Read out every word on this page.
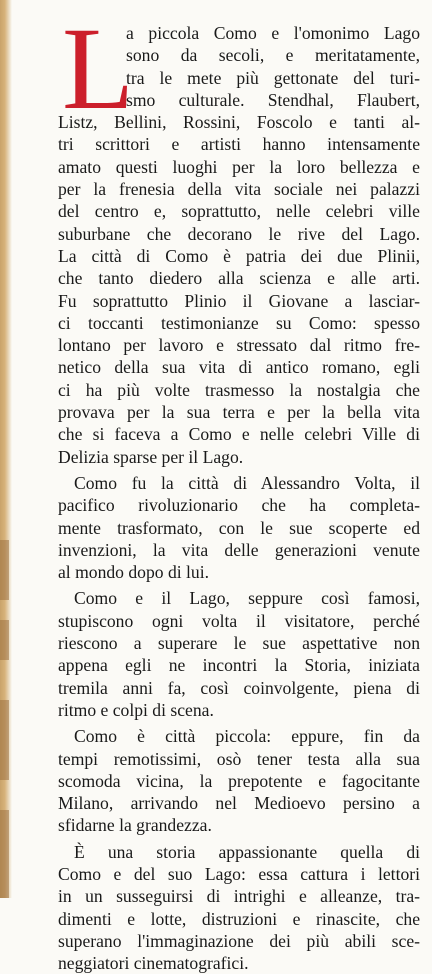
L
a piccola Como e l'omonimo Lago
sono da secoli, e meritatamente,
tra le mete più gettonate del turi-
smo culturale. Stendhal, Flaubert,
Listz, Bellini, Rossini, Foscolo e tanti al-
tri scrittori e artisti hanno intensamente
amato questi luoghi per la loro bellezza e
per la frenesia della vita sociale nei palazzi
del centro e, soprattutto, nelle celebri ville
suburbane che decorano le rive del Lago.
La città di Como è patria dei due Plinii,
che tanto diedero alla scienza e alle arti.
Fu soprattutto Plinio il Giovane a lasciar-
ci toccanti testimonianze su Como: spesso
lontano per lavoro e stressato dal ritmo fre-
netico della sua vita di antico romano, egli
ci ha più volte trasmesso la nostalgia che
provava per la sua terra e per la bella vita
che si faceva a Como e nelle celebri Ville di
Delizia sparse per il Lago.
Como fu la città di Alessandro Volta, il
pacifico rivoluzionario che ha completa-
mente trasformato, con le sue scoperte ed
invenzioni, la vita delle generazioni venute
al mondo dopo di lui.
Como e il Lago, seppure così famosi,
stupiscono ogni volta il visitatore, perché
riescono a superare le sue aspettative non
appena egli ne incontri la Storia, iniziata
tremila anni fa, così coinvolgente, piena di
ritmo e colpi di scena.
Como è città piccola: eppure, fin da
tempi remotissimi, osò tener testa alla sua
scomoda vicina, la prepotente e fagocitante
Milano, arrivando nel Medioevo persino a
sfidarne la grandezza.
È una storia appassionante quella di
Como e del suo Lago: essa cattura i lettori
in un susseguirsi di intrighi e alleanze, tra-
dimenti e lotte, distruzioni e rinascite, che
superano l'immaginazione dei più abili sce-
neggiatori cinematografici.
